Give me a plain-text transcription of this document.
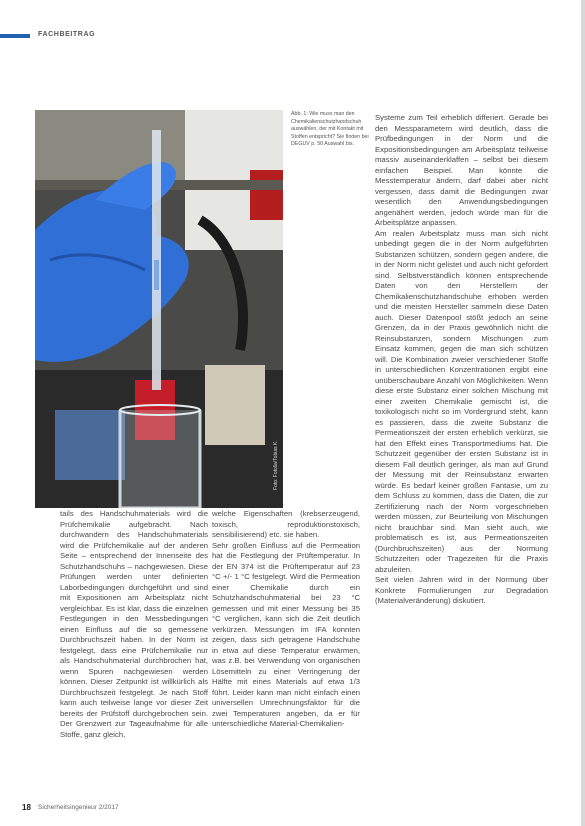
FACHBEITRAG
Foto: Fotolia/Tobias K.
Abb. 1: Wie muss man den Chemikalienschutzhandschuh auswählen, der mit Kontakt mit Stoffen entspricht? Sie finden bei DEGUV p. 50 Auswahl bis.

tails des Handschuhmaterials wird die Prüfchemikalie aufgebracht. Nach durchwandern des Handschuhmaterials wird die Prüfchemikalie auf der anderen Seite – entsprechend der Innenseite des Schutzhandschuhs – nachgewiesen. Diese Prüfungen werden unter definierten Laborbedingungen durchgeführt und sind mit Expositionen am Arbeitsplatz nicht vergleichbar. Es ist klar, dass die einzelnen Festlegungen in den Messbedingungen einen Einfluss auf die so gemessene Durchbruchszeit haben. In der Norm ist festgelegt, dass eine Prüfchemikalie nur als Handschuhmaterial durchbrochen hat, wenn Spuren nachgewiesen werden können. Dieser Zeitpunkt ist willkürlich als Durchbruchszeit festgelegt. Je nach Stoff kann auch teilweise lange vor dieser Zeit bereits der Prüfstoff durchgebrochen sein. Der Grenzwert zur Tageaufnahme für alle Stoffe, ganz gleich,

welche Eigenschaften (krebserzeugend, toxisch, reproduktionstoxisch, sensibilisierend) etc. sie haben.

Sehr großen Einfluss auf die Permeation hat die Festlegung der Prüftemperatur. In der EN 374 ist die Prüftemperatur auf 23 °C +/- 1 °C festgelegt. Wird die Permeation einer Chemikalie durch ein Schutzhandschuhmaterial bei 23 °C gemessen und mit einer Messung bei 35 °C verglichen, kann sich die Zeit deutlich verkürzen. Messungen im IFA konnten zeigen, dass sich getragene Handschuhe in etwa auf diese Temperatur erwärmen, was z.B. bei Verwendung von organischen Lösemitteln zu einer Verringerung der Hälfte mit eines Materials auf etwa 1/3 führt. Leider kann man nicht einfach einen universellen Umrechnungsfaktor für die zwei Temperaturen angeben, da er für unterschiedliche Material-Chemikalien-

Systeme zum Teil erheblich differiert. Gerade bei den Messparametern wird deutlich, dass die Prüfbedingungen in der Norm und die Expositionsbedingungen am Arbeitsplatz teilweise massiv auseinanderklaffen – selbst bei diesem einfachen Beispiel. Man könnte die Messtemperatur ändern, darf dabei aber nicht vergessen, dass damit die Bedingungen zwar wesentlich den Anwendungsbedingungen angenähert werden, jedoch würde man für die Arbeitsplätze anpassen.

Am realen Arbeitsplatz muss man sich nicht unbedingt gegen die in der Norm aufgeführten Substanzen schützen, sondern gegen andere, die in der Norm nicht gelistet und auch nicht gefordert sind. Selbstverständlich können entsprechende Daten von den Herstellern der Chemikalienschutzhandschuhe erhoben werden und die meisten Hersteller sammeln diese Daten auch. Dieser Datenpool stößt jedoch an seine Grenzen, da in der Praxis gewöhnlich nicht die Reinsubstanzen, sondern Mischungen zum Einsatz kommen, gegen die man sich schützen will. Die Kombination zweier verschiedener Stoffe in unterschiedlichen Konzentrationen ergibt eine unüberschaubare Anzahl von Möglichkeiten. Wenn diese erste Substanz einer solchen Mischung mit einer zweiten Chemikalie gemischt ist, die toxikologisch nicht so im Vordergrund steht, kann es passieren, dass die zweite Substanz die Permeationszeit der ersten erheblich verkürzt, sie hat den Effekt eines Transportmediums hat. Die Schutzzeit gegenüber der ersten Substanz ist in diesem Fall deutlich geringer, als man auf Grund der Messung mit der Reinsubstanz erwarten würde. Es bedarf keiner großen Fantasie, um zu dem Schluss zu kommen, dass die Daten, die zur Zertifizierung nach der Norm vorgeschrieben werden müssen, zur Beurteilung von Mischungen nicht brauchbar sind. Man sieht auch, wie problematisch es ist, aus Permeationszeiten (Durchbruchszeiten) aus der Normung Schutzzeiten oder Tragezeiten für die Praxis abzuleiten.

Seit vielen Jahren wird in der Normung über Konkrete Formulierungen zur Degradation (Materialveränderung) diskutiert.

18 Sicherheitsingenieur 2/2017
